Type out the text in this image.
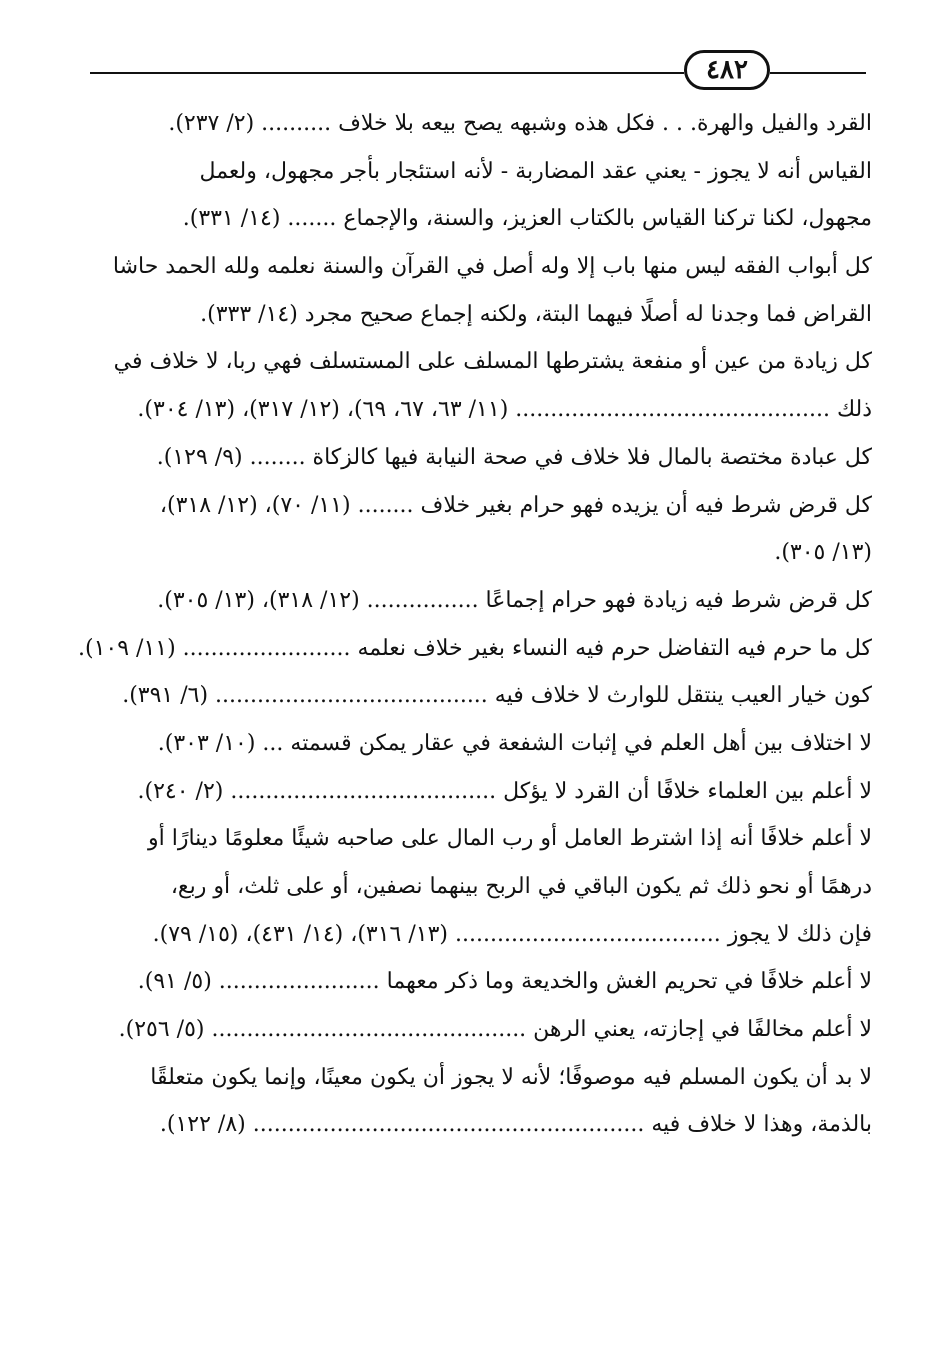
٤٨٢
القرد والفيل والهرة. . . فكل هذه وشبهه يصح بيعه بلا خلاف .......... (٢/ ٢٣٧).
القياس أنه لا يجوز - يعني عقد المضاربة - لأنه استئجار بأجر مجهول، ولعمل
مجهول، لكنا تركنا القياس بالكتاب العزيز، والسنة، والإجماع ....... (١٤/ ٣٣١).
كل أبواب الفقه ليس منها باب إلا وله أصل في القرآن والسنة نعلمه ولله الحمد حاشا
القراض فما وجدنا له أصلًا فيهما البتة، ولكنه إجماع صحيح مجرد (١٤/ ٣٣٣).
كل زيادة من عين أو منفعة يشترطها المسلف على المستسلف فهي ربا، لا خلاف في
ذلك ............................................. (١١/ ٦٣، ٦٧، ٦٩)، (١٢/ ٣١٧)، (١٣/ ٣٠٤).
كل عبادة مختصة بالمال فلا خلاف في صحة النيابة فيها كالزكاة ........ (٩/ ١٢٩).
كل قرض شرط فيه أن يزيده فهو حرام بغير خلاف ........ (١١/ ٧٠)، (١٢/ ٣١٨)،
(١٣/ ٣٠٥).
كل قرض شرط فيه زيادة فهو حرام إجماعًا ................ (١٢/ ٣١٨)، (١٣/ ٣٠٥).
كل ما حرم فيه التفاضل حرم فيه النساء بغير خلاف نعلمه ........................ (١١/ ١٠٩).
كون خيار العيب ينتقل للوارث لا خلاف فيه ....................................... (٦/ ٣٩١).
لا اختلاف بين أهل العلم في إثبات الشفعة في عقار يمكن قسمته ... (١٠/ ٣٠٣).
لا أعلم بين العلماء خلافًا أن القرد لا يؤكل ...................................... (٢/ ٢٤٠).
لا أعلم خلافًا أنه إذا اشترط العامل أو رب المال على صاحبه شيئًا معلومًا دينارًا أو
درهمًا أو نحو ذلك ثم يكون الباقي في الربح بينهما نصفين، أو على ثلث، أو ربع،
فإن ذلك لا يجوز ...................................... (١٣/ ٣١٦)، (١٤/ ٤٣١)، (١٥/ ٧٩).
لا أعلم خلافًا في تحريم الغش والخديعة وما ذكر معهما ....................... (٥/ ٩١).
لا أعلم مخالفًا في إجازته، يعني الرهن ............................................. (٥/ ٢٥٦).
لا بد أن يكون المسلم فيه موصوفًا؛ لأنه لا يجوز أن يكون معينًا، وإنما يكون متعلقًا
بالذمة، وهذا لا خلاف فيه ........................................................ (٨/ ١٢٢).
